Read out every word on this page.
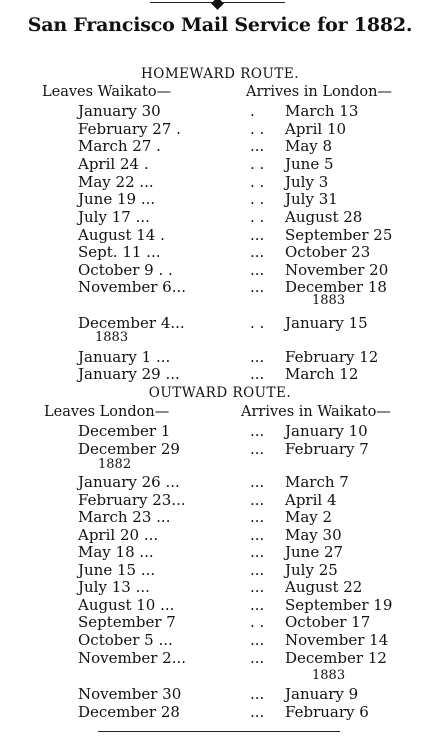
San Francisco Mail Service for 1882.
HOMEWARD ROUTE.
Leaves Waikato—	Arrives in London—
January 30	. March 13
February 27 .	. . April 10
March 27 .	... May 8
April 24 .	. . June 5
May 22 ...	. . July 3
June 19 ...	. . July 31
July 17 ...	. . August 28
August 14 .	... September 25
Sept. 11 ...	... October 23
October 9 . .	... November 20
November 6...	... December 18
December 4...	. . January 15
January 1 ...	... February 12
January 29 ...	... March 12
1883
1883
OUTWARD ROUTE.
Leaves London—	Arrives in Waikato—
December 1	... January 10
December 29	... February 7
January 26 ...	... March 7
February 23...	... April 4
March 23 ...	... May 2
April 20 ...	... May 30
May 18 ...	... June 27
June 15 ...	... July 25
July 13 ...	... August 22
August 10 ...	... September 19
September 7	. . October 17
October 5 ...	... November 14
November 2...	... December 12
November 30	... January 9
December 28	... February 6
1882
1883
